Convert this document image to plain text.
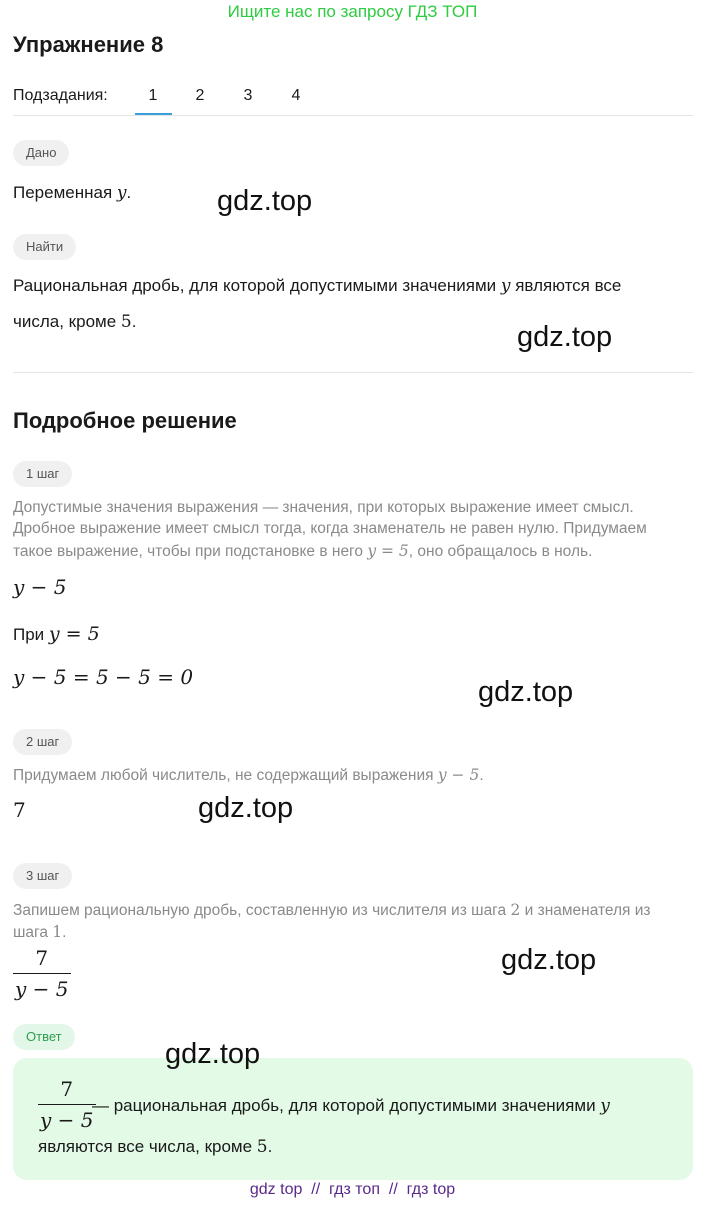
Ищите нас по запросу ГДЗ ТОП
Упражнение 8
Подзадания:	1	2	3	4
Дано
Переменная y.
Найти
Рациональная дробь, для которой допустимыми значениями y являются все
числа, кроме 5.
Подробное решение
1 шаг
Допустимые значения выражения — значения, при которых выражение имеет смысл.
Дробное выражение имеет смысл тогда, когда знаменатель не равен нулю. Придумаем
такое выражение, чтобы при подстановке в него y = 5, оно обращалось в ноль.
y − 5
При y = 5
y − 5 = 5 − 5 = 0
2 шаг
Придумаем любой числитель, не содержащий выражения y − 5.
7
3 шаг
Запишем рациональную дробь, составленную из числителя из шага 2 и знаменателя из
шага 1.
$\frac{7}{y - 5}$
Ответ
$\frac{7}{y - 5}$
— рациональная дробь, для которой допустимыми значениями y
являются все числа, кроме 5.
gdz.top
gdz.top
gdz.top
gdz.top
gdz.top
gdz.top
gdz top  //  гдз топ  //  гдз top
